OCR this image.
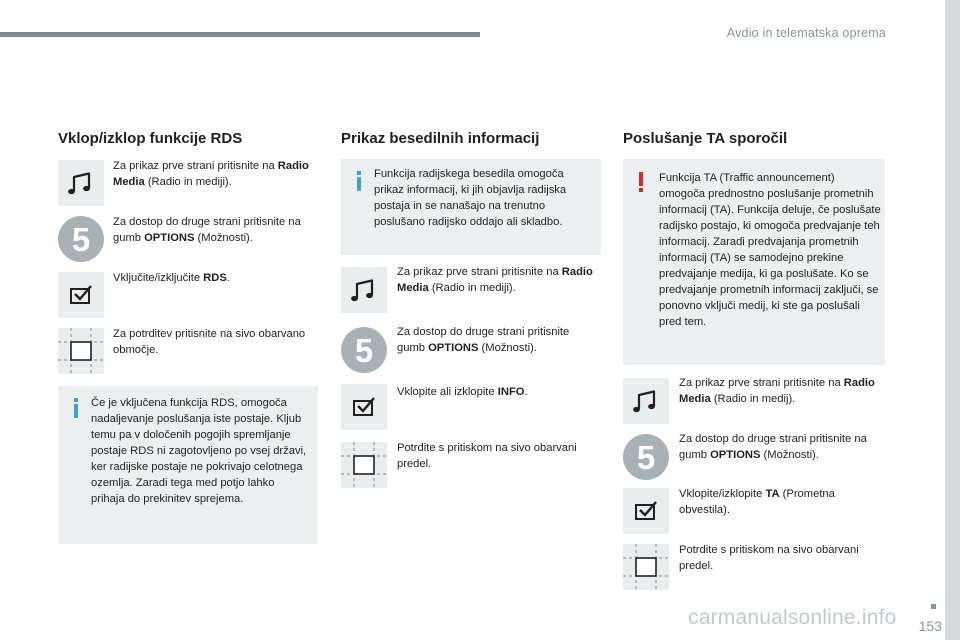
Avdio in telematska oprema
Vklop/izklop funkcije RDS
Za prikaz prve strani pritisnite na Radio Media (Radio in mediji).
5	Za dostop do druge strani pritisnite na gumb OPTIONS (Možnosti).
Vključite/izključite RDS.
Za potrditev pritisnite na sivo obarvano območje.
Če je vključena funkcija RDS, omogoča nadaljevanje poslušanja iste postaje. Kljub temu pa v določenih pogojih spremljanje postaje RDS ni zagotovljeno po vsej državi, ker radijske postaje ne pokrivajo celotnega ozemlja. Zaradi tega med potjo lahko prihaja do prekinitev sprejema.
Prikaz besedilnih informacij
Funkcija radijskega besedila omogoča prikaz informacij, ki jih objavlja radijska postaja in se nanašajo na trenutno poslušano radijsko oddajo ali skladbo.
Za prikaz prve strani pritisnite na Radio Media (Radio in mediji).
5	Za dostop do druge strani pritisnite gumb OPTIONS (Možnosti).
Vklopite ali izklopite INFO.
Potrdite s pritiskom na sivo obarvani predel.
Poslušanje TA sporočil
Funkcija TA (Traffic announcement) omogoča prednostno poslušanje prometnih informacij (TA). Funkcija deluje, če poslušate radijsko postajo, ki omogoča predvajanje teh informacij. Zaradi predvajanja prometnih informacij (TA) se samodejno prekine predvajanje medija, ki ga poslušate. Ko se predvajanje prometnih informacij zaključi, se ponovno vključi medij, ki ste ga poslušali pred tem.
Za prikaz prve strani pritisnite na Radio Media (Radio in medij).
5	Za dostop do druge strani pritisnite na gumb OPTIONS (Možnosti).
Vklopite/izklopite TA (Prometna obvestila).
Potrdite s pritiskom na sivo obarvani predel.
153
carmanualsonline.info
